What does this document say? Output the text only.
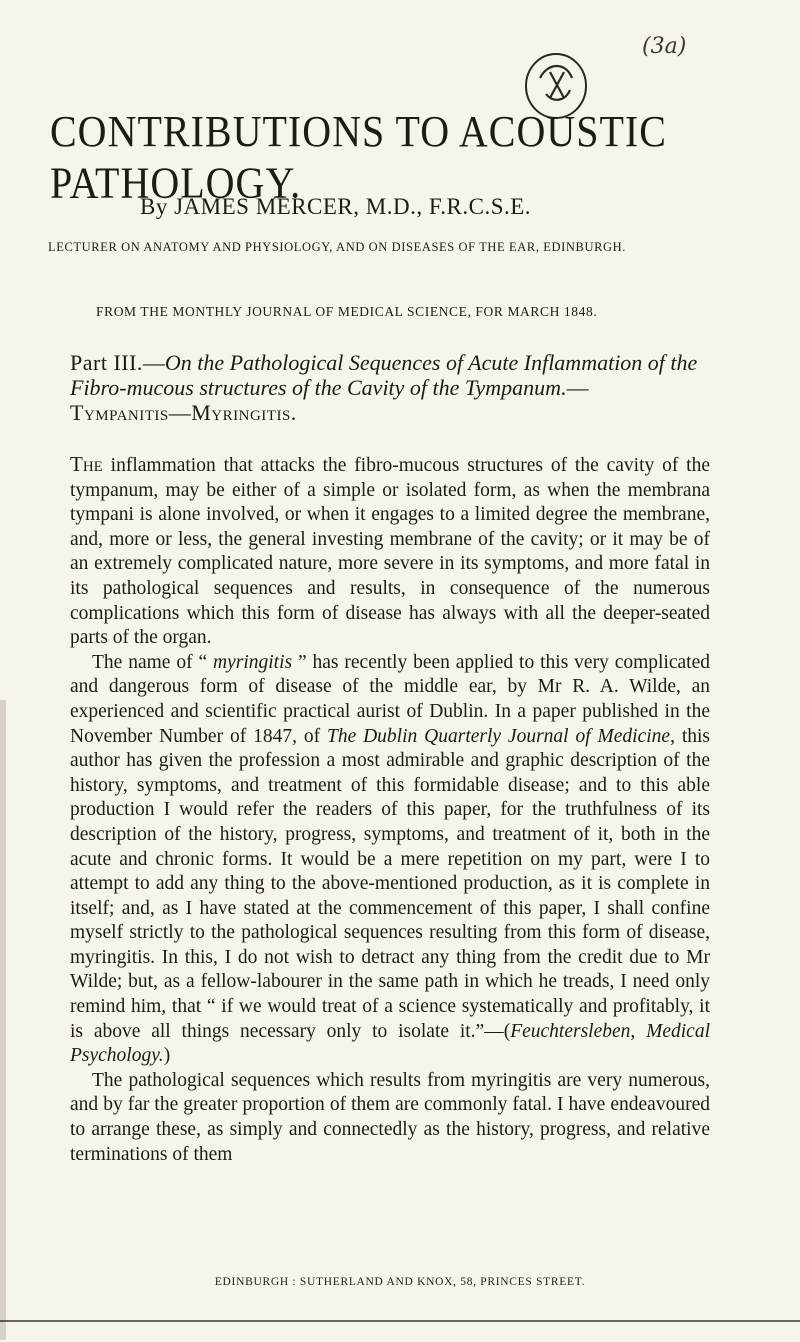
(3a)
CONTRIBUTIONS TO ACOUSTIC PATHOLOGY.
By JAMES MERCER, M.D., F.R.C.S.E.
LECTURER ON ANATOMY AND PHYSIOLOGY, AND ON DISEASES OF THE EAR, EDINBURGH.
FROM THE MONTHLY JOURNAL OF MEDICAL SCIENCE, FOR MARCH 1848.
Part III.—On the Pathological Sequences of Acute Inflammation of the Fibro-mucous structures of the Cavity of the Tympanum.—
Tympanitis—Myringitis.

The inflammation that attacks the fibro-mucous structures of the cavity of the tympanum, may be either of a simple or isolated form, as when the membrana tympani is alone involved, or when it engages to a limited degree the membrane, and, more or less, the general investing membrane of the cavity; or it may be of an extremely complicated nature, more severe in its symptoms, and more fatal in its pathological sequences and results, in consequence of the numerous complications which this form of disease has always with all the deeper-seated parts of the organ.

The name of “ myringitis ” has recently been applied to this very complicated and dangerous form of disease of the middle ear, by Mr R. A. Wilde, an experienced and scientific practical aurist of Dublin. In a paper published in the November Number of 1847, of The Dublin Quarterly Journal of Medicine, this author has given the profession a most admirable and graphic description of the history, symptoms, and treatment of this formidable disease; and to this able production I would refer the readers of this paper, for the truthfulness of its description of the history, progress, symptoms, and treatment of it, both in the acute and chronic forms. It would be a mere repetition on my part, were I to attempt to add any thing to the above-mentioned production, as it is complete in itself; and, as I have stated at the commencement of this paper, I shall confine myself strictly to the pathological sequences resulting from this form of disease, myringitis. In this, I do not wish to detract any thing from the credit due to Mr Wilde; but, as a fellow-labourer in the same path in which he treads, I need only remind him, that “ if we would treat of a science systematically and profitably, it is above all things necessary only to isolate it.”—(Feuchtersleben, Medical Psychology.)

The pathological sequences which results from myringitis are very numerous, and by far the greater proportion of them are commonly fatal. I have endeavoured to arrange these, as simply and connectedly as the history, progress, and relative terminations of them

EDINBURGH : SUTHERLAND AND KNOX, 58, PRINCES STREET.
